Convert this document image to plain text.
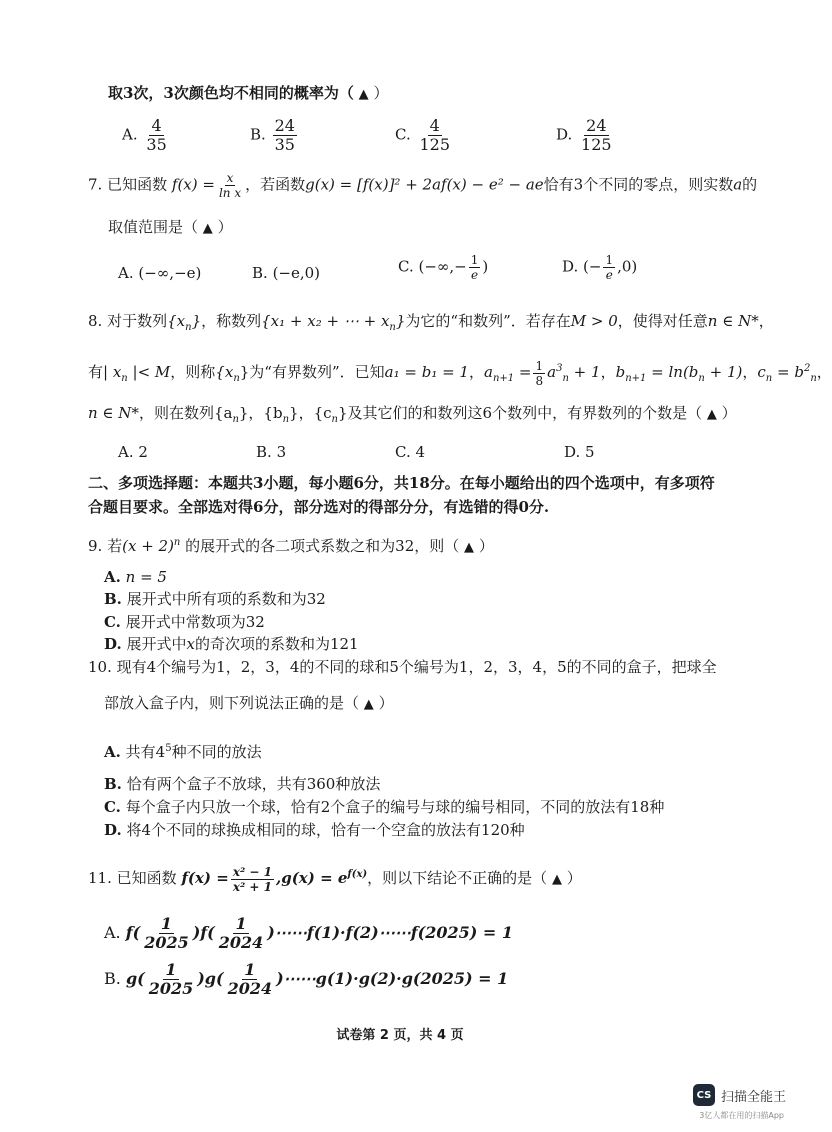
取3次，3次颜色均不相同的概率为（ ▲ ）
A. $\frac{4}{35}$	B. $\frac{24}{35}$	C. $\frac{4}{125}$	D. $\frac{24}{125}$
7. 已知函数 $f(x) = \frac{x}{\text{ln x}}$ ，若函数g(x) = [f(x)]² + 2af(x) − e² − ae恰有3个不同的零点，则实数a的
取值范围是（ ▲ ）
A. (−∞,−e)	B. (−e,0)	C. (−∞,− $\frac{1}{e}$ )	D. (− $\frac{1}{e} ,0$)
8. 对于数列$\{x_n\}$，称数列{x₁ + x₂ + ⋯ + $x_n$}为它的“和数列”．若存在M > 0，使得对任意n ∈ N*，
有| $x_n$ |< M，则称$\{x_n\}$为“有界数列”．已知a₁ = b₁ = 1，$a_{n+1} = \frac{1}{8} a^3_n + 1$，$b_{n+1} = \ln(b_n + 1)$，$c_n = b^2_n$，
n ∈ N*，则在数列$\{a_n\}$，$\{b_n\}$，$\{c_n\}$及其它们的和数列这6个数列中，有界数列的个数是（ ▲ ）
A. 2	B. 3	C. 4	D. 5
二、多项选择题：本题共3小题，每小题6分，共18分。在每小题给出的四个选项中，有多项符
合题目要求。全部选对得6分，部分选对的得部分分，有选错的得0分.
9. 若$(x + 2)^n$ 的展开式的各二项式系数之和为32，则（ ▲ ）
A. n = 5
B. 展开式中所有项的系数和为32
C. 展开式中常数项为32
D. 展开式中x的奇次项的系数和为121
10. 现有4个编号为1，2，3，4的不同的球和5个编号为1，2，3，4，5的不同的盒子，把球全
部放入盒子内，则下列说法正确的是（ ▲ ）
A. 共有$4^5$种不同的放法
B. 恰有两个盒子不放球，共有360种放法
C. 每个盒子内只放一个球，恰有2个盒子的编号与球的编号相同，不同的放法有18种
D. 将4个不同的球换成相同的球，恰有一个空盒的放法有120种
11. 已知函数 $f(x) = \frac{\text{x² − 1}}{\text{x² + 1}} ,g(x) = e^{f(x)}$，则以下结论不正确的是（ ▲ ）
A. $f( \frac{1}{2025} )f( \frac{1}{2024}$ )⋯⋯f(1)·f(2)⋯⋯f(2025) = 1
B. $g( \frac{1}{2025} )g( \frac{1}{2024}$ )⋯⋯g(1)·g(2)·g(2025) = 1
试卷第 2 页，共 4 页
CS 扫描全能王
3亿人都在用的扫描App
